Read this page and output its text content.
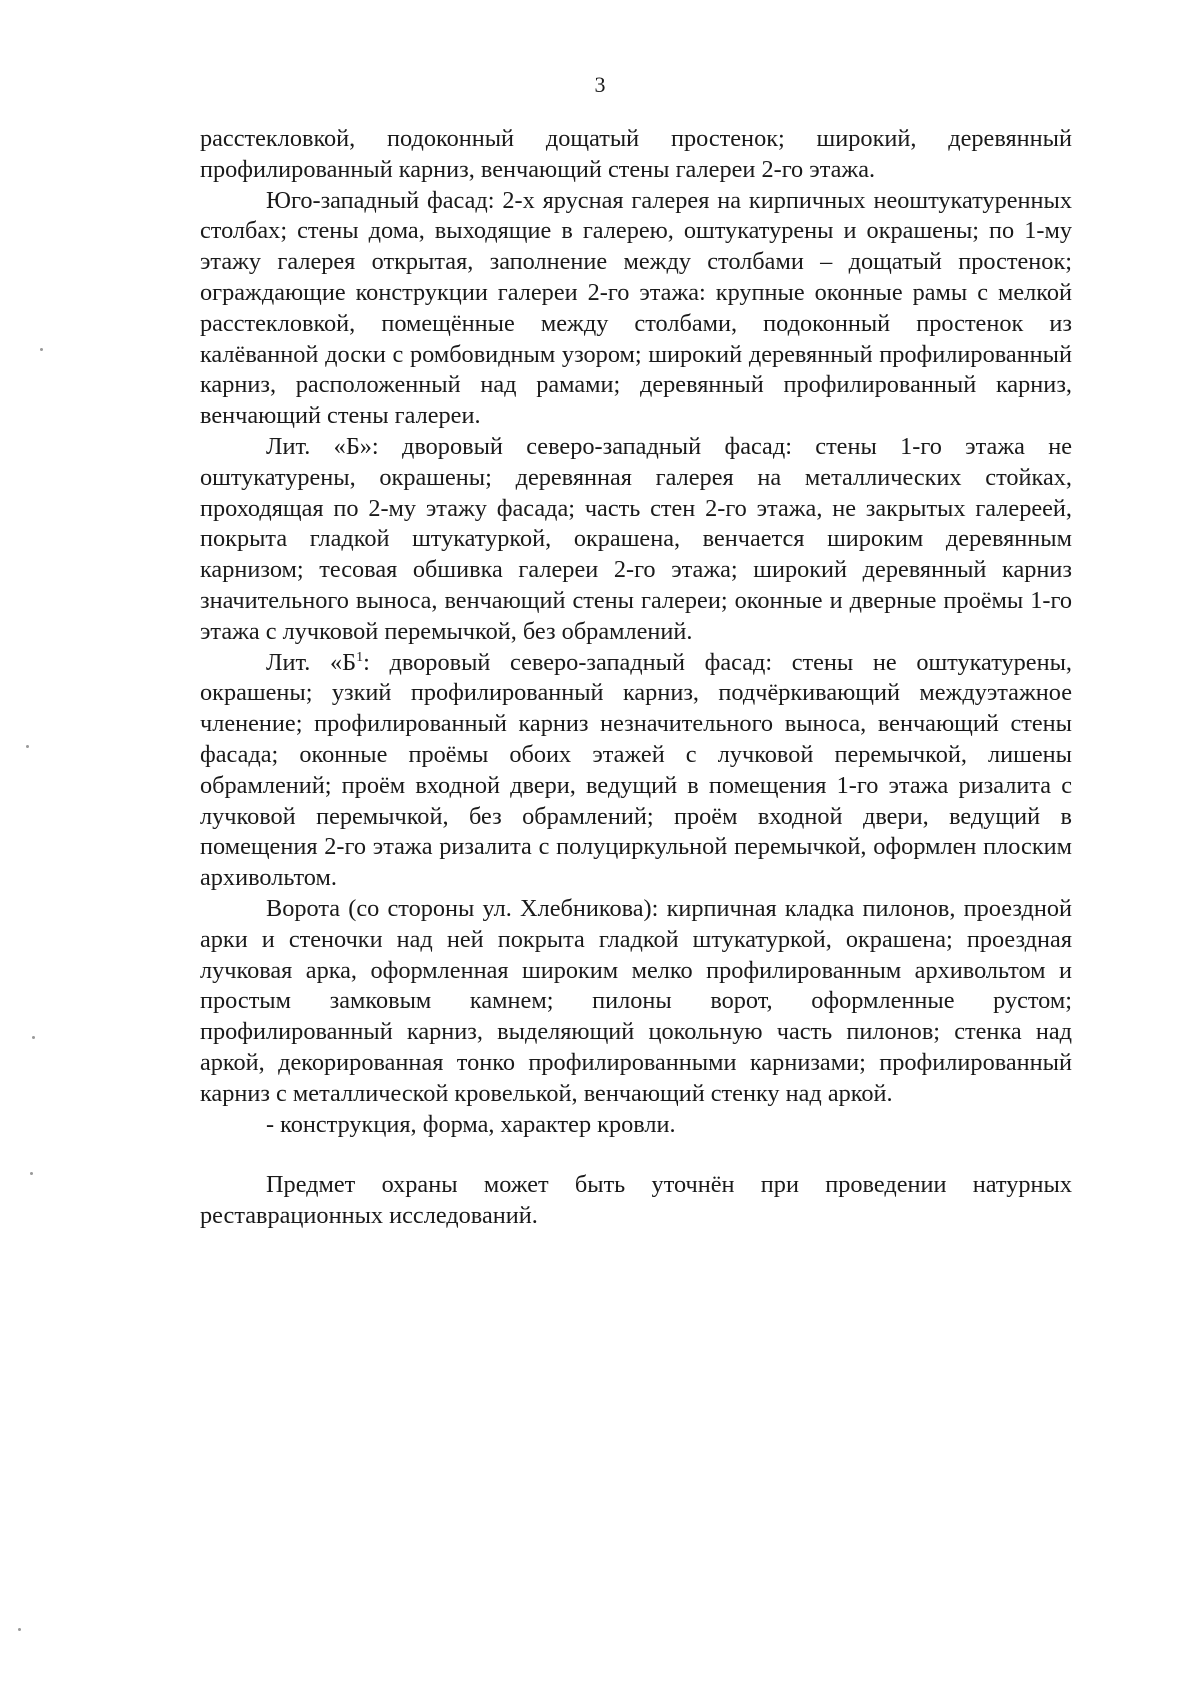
3

расстекловкой, подоконный дощатый простенок; широкий, деревянный профилированный карниз, венчающий стены галереи 2-го этажа.

Юго-западный фасад: 2-х ярусная галерея на кирпичных неоштукатуренных столбах; стены дома, выходящие в галерею, оштукатурены и окрашены; по 1-му этажу галерея открытая, заполнение между столбами – дощатый простенок; ограждающие конструкции галереи 2-го этажа: крупные оконные рамы с мелкой расстекловкой, помещённые между столбами, подоконный простенок из калёванной доски с ромбовидным узором; широкий деревянный профилированный карниз, расположенный над рамами; деревянный профилированный карниз, венчающий стены галереи.

Лит. «Б»: дворовый северо-западный фасад: стены 1-го этажа не оштукатурены, окрашены; деревянная галерея на металлических стойках, проходящая по 2-му этажу фасада; часть стен 2-го этажа, не закрытых галереей, покрыта гладкой штукатуркой, окрашена, венчается широким деревянным карнизом; тесовая обшивка галереи 2-го этажа; широкий деревянный карниз значительного выноса, венчающий стены галереи; оконные и дверные проёмы 1-го этажа с лучковой перемычкой, без обрамлений.

Лит. «$Б^1$: дворовый северо-западный фасад: стены не оштукатурены, окрашены; узкий профилированный карниз, подчёркивающий междуэтажное членение; профилированный карниз незначительного выноса, венчающий стены фасада; оконные проёмы обоих этажей с лучковой перемычкой, лишены обрамлений; проём входной двери, ведущий в помещения 1-го этажа ризалита с лучковой перемычкой, без обрамлений; проём входной двери, ведущий в помещения 2-го этажа ризалита с полуциркульной перемычкой, оформлен плоским архивольтом.

Ворота (со стороны ул. Хлебникова): кирпичная кладка пилонов, проездной арки и стеночки над ней покрыта гладкой штукатуркой, окрашена; проездная лучковая арка, оформленная широким мелко профилированным архивольтом и простым замковым камнем; пилоны ворот, оформленные рустом; профилированный карниз, выделяющий цокольную часть пилонов; стенка над аркой, декорированная тонко профилированными карнизами; профилированный карниз с металлической кровелькой, венчающий стенку над аркой.

- конструкция, форма, характер кровли.

Предмет охраны может быть уточнён при проведении натурных реставрационных исследований.
